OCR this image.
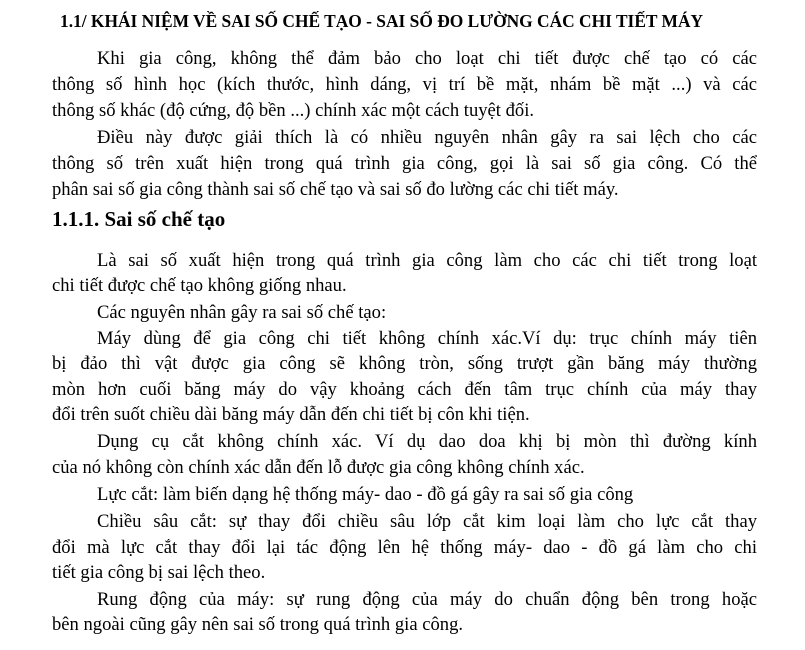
1.1/ KHÁI NIỆM VỀ SAI SỐ CHẾ TẠO - SAI SỐ ĐO LƯỜNG CÁC CHI TIẾT MÁY
Khi gia công, không thể đảm bảo cho loạt chi tiết được chế tạo có các
thông số hình học (kích thước, hình dáng, vị trí bề mặt, nhám bề mặt ...) và các
thông số khác (độ cứng, độ bền ...) chính xác một cách tuyệt đối.
Điều này được giải thích là có nhiều nguyên nhân gây ra sai lệch cho các
thông số trên xuất hiện trong quá trình gia công, gọi là sai số gia công. Có thể
phân sai số gia công thành sai số chế tạo và sai số đo lường các chi tiết máy.
1.1.1. Sai số chế tạo
Là sai số xuất hiện trong quá trình gia công làm cho các chi tiết trong loạt
chi tiết được chế tạo không giống nhau.
Các nguyên nhân gây ra sai số chế tạo:
Máy dùng để gia công chi tiết không chính xác.Ví dụ: trục chính máy tiên
bị đảo thì vật được gia công sẽ không tròn, sống trượt gần băng máy thường
mòn hơn cuối băng máy do vậy khoảng cách đến tâm trục chính của máy thay
đổi trên suốt chiều dài băng máy dẫn đến chi tiết bị côn khi tiện.
Dụng cụ cắt không chính xác. Ví dụ dao doa khị bị mòn thì đường kính
của nó không còn chính xác dẫn đến lỗ được gia công không chính xác.
Lực cắt: làm biến dạng hệ thống máy- dao - đồ gá gây ra sai số gia công
Chiều sâu cắt: sự thay đổi chiều sâu lớp cắt kim loại làm cho lực cắt thay
đổi mà lực cắt thay đổi lại tác động lên hệ thống máy- dao - đồ gá làm cho chi
tiết gia công bị sai lệch theo.
Rung động của máy: sự rung động của máy do chuẩn động bên trong hoặc
bên ngoài cũng gây nên sai số trong quá trình gia công.
